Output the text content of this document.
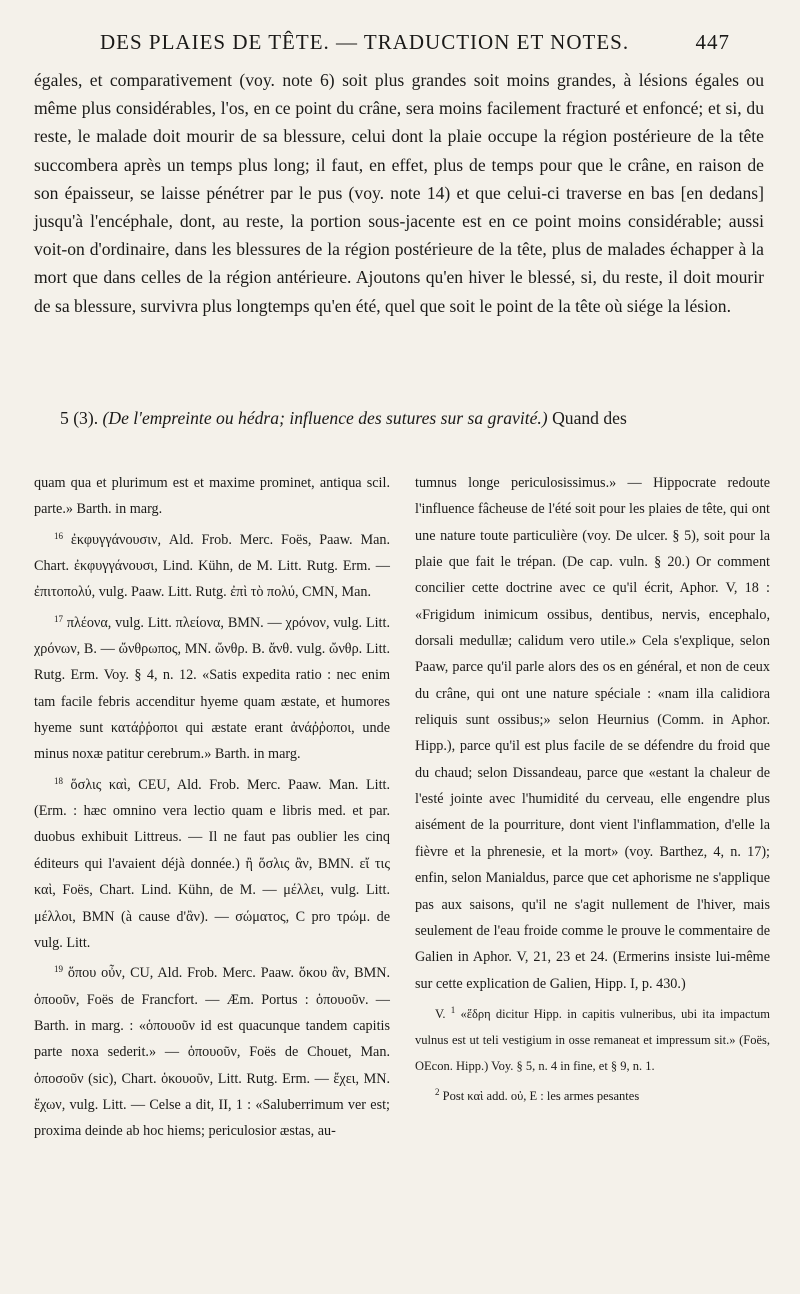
DES PLAIES DE TÊTE. — TRADUCTION ET NOTES.	447

égales, et comparativement (voy. note 6) soit plus grandes soit moins grandes, à lésions égales ou même plus considérables, l'os, en ce point du crâne, sera moins facilement fracturé et enfoncé; et si, du reste, le malade doit mourir de sa blessure, celui dont la plaie occupe la région postérieure de la tête succombera après un temps plus long; il faut, en effet, plus de temps pour que le crâne, en raison de son épaisseur, se laisse pénétrer par le pus (voy. note 14) et que celui-ci traverse en bas [en dedans] jusqu'à l'encéphale, dont, au reste, la portion sous-jacente est en ce point moins considérable; aussi voit-on d'ordinaire, dans les blessures de la région postérieure de la tête, plus de malades échapper à la mort que dans celles de la région antérieure. Ajoutons qu'en hiver le blessé, si, du reste, il doit mourir de sa blessure, survivra plus longtemps qu'en été, quel que soit le point de la tête où siége la lésion.

5 (3). (De l'empreinte ou hédra; influence des sutures sur sa gravité.) Quand des

quam qua et plurimum est et maxime prominet, antiqua scil. parte.» Barth. in marg.

$^{16}$ ἐκφυγγάνουσιν, Ald. Frob. Merc. Foës, Paaw. Man. Chart. ἐκφυγγάνουσι, Lind. Kühn, de M. Litt. Rutg. Erm. — ἐπιτοπολύ, vulg. Paaw. Litt. Rutg. ἐπὶ τὸ πολύ, CMN, Man.

$^{17}$ πλέονα, vulg. Litt. πλείονα, BMN. — χρόνον, vulg. Litt. χρόνων, B. — ὤνθρωπος, MN. ὤνθρ. B. ἄνθ. vulg. ὤνθρ. Litt. Rutg. Erm. Voy. § 4, n. 12. «Satis expedita ratio : nec enim tam facile febris accenditur hyeme quam æstate, et humores hyeme sunt κατάῤῥοποι qui æstate erant ἀνάῤῥοποι, unde minus noxæ patitur cerebrum.» Barth. in marg.

$^{18}$ ὅσλις καὶ, CEU, Ald. Frob. Merc. Paaw. Man. Litt. (Erm. : hæc omnino vera lectio quam e libris med. et par. duobus exhibuit Littreus. — Il ne faut pas oublier les cinq éditeurs qui l'avaient déjà donnée.) ἢ ὅσλις ἂν, BMN. εἴ τις καὶ, Foës, Chart. Lind. Kühn, de M. — μέλλει, vulg. Litt. μέλλοι, BMN (à cause d'ἂν). — σώματος, C pro τρώμ. de vulg. Litt.

$^{19}$ ὅπου οὖν, CU, Ald. Frob. Merc. Paaw. ὅκου ἂν, BMN. ὁποοῦν, Foës de Francfort. — Æm. Portus : ὁπουοῦν. — Barth. in marg. : «ὁπουοῦν id est quacunque tandem capitis parte noxa sederit.» — ὁπουοῦν, Foës de Chouet, Man. ὁποσοῦν (sic), Chart. ὁκουοῦν, Litt. Rutg. Erm. — ἔχει, MN. ἔχων, vulg. Litt. — Celse a dit, II, 1 : «Saluberrimum ver est; proxima deinde ab hoc hiems; periculosior æstas, au-

tumnus longe periculosissimus.» — Hippocrate redoute l'influence fâcheuse de l'été soit pour les plaies de tête, qui ont une nature toute particulière (voy. De ulcer. § 5), soit pour la plaie que fait le trépan. (De cap. vuln. § 20.) Or comment concilier cette doctrine avec ce qu'il écrit, Aphor. V, 18 : «Frigidum inimicum ossibus, dentibus, nervis, encephalo, dorsali medullæ; calidum vero utile.» Cela s'explique, selon Paaw, parce qu'il parle alors des os en général, et non de ceux du crâne, qui ont une nature spéciale : «nam illa calidiora reliquis sunt ossibus;» selon Heurnius (Comm. in Aphor. Hipp.), parce qu'il est plus facile de se défendre du froid que du chaud; selon Dissandeau, parce que «estant la chaleur de l'esté jointe avec l'humidité du cerveau, elle engendre plus aisément de la pourriture, dont vient l'inflammation, d'elle la fièvre et la phrenesie, et la mort» (voy. Barthez, 4, n. 17); enfin, selon Manialdus, parce que cet aphorisme ne s'applique pas aux saisons, qu'il ne s'agit nullement de l'hiver, mais seulement de l'eau froide comme le prouve le commentaire de Galien in Aphor. V, 21, 23 et 24. (Ermerins insiste lui-même sur cette explication de Galien, Hipp. I, p. 430.)

V. $^1$ «ἕδρη dicitur Hipp. in capitis vulneribus, ubi ita impactum vulnus est ut teli vestigium in osse remaneat et impressum sit.» (Foës, OEcon. Hipp.) Voy. § 5, n. 4 in fine, et § 9, n. 1.

$^2$ Post καὶ add. οὐ, E : les armes pesantes
